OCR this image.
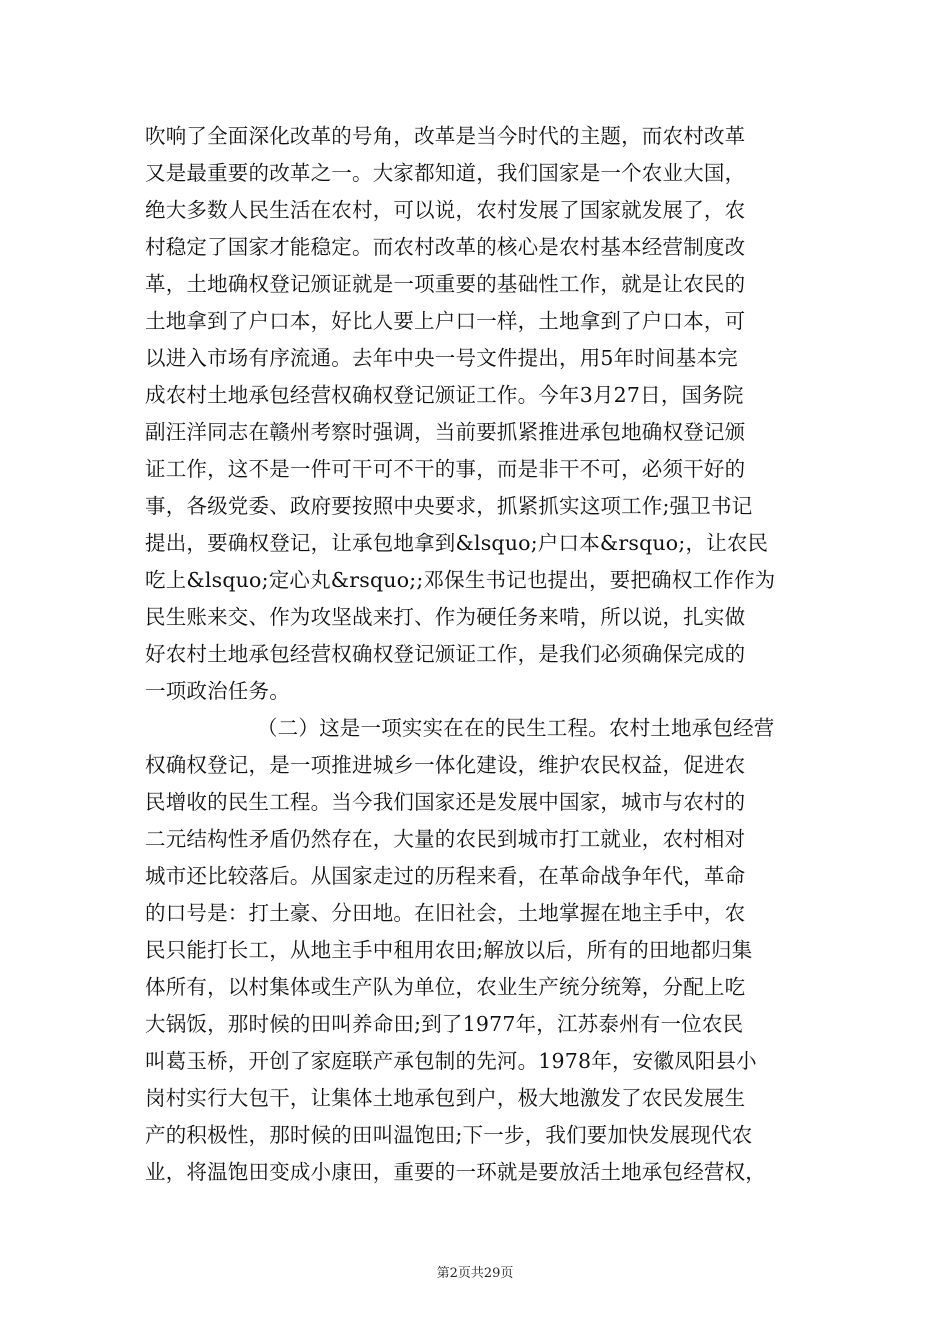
吹响了全面深化改革的号角，改革是当今时代的主题，而农村改革
又是最重要的改革之一。大家都知道，我们国家是一个农业大国，
绝大多数人民生活在农村，可以说，农村发展了国家就发展了，农
村稳定了国家才能稳定。而农村改革的核心是农村基本经营制度改
革，土地确权登记颁证就是一项重要的基础性工作，就是让农民的
土地拿到了户口本，好比人要上户口一样，土地拿到了户口本，可
以进入市场有序流通。去年中央一号文件提出，用5年时间基本完
成农村土地承包经营权确权登记颁证工作。今年3月27日，国务院
副汪洋同志在赣州考察时强调，当前要抓紧推进承包地确权登记颁
证工作，这不是一件可干可不干的事，而是非干不可，必须干好的
事，各级党委、政府要按照中央要求，抓紧抓实这项工作;强卫书记
提出，要确权登记，让承包地拿到&lsquo;户口本&rsquo;，让农民
吃上&lsquo;定心丸&rsquo;;邓保生书记也提出，要把确权工作作为
民生账来交、作为攻坚战来打、作为硬任务来啃，所以说，扎实做
好农村土地承包经营权确权登记颁证工作，是我们必须确保完成的
一项政治任务。
（二）这是一项实实在在的民生工程。农村土地承包经营
权确权登记，是一项推进城乡一体化建设，维护农民权益，促进农
民增收的民生工程。当今我们国家还是发展中国家，城市与农村的
二元结构性矛盾仍然存在，大量的农民到城市打工就业，农村相对
城市还比较落后。从国家走过的历程来看，在革命战争年代，革命
的口号是：打土豪、分田地。在旧社会，土地掌握在地主手中，农
民只能打长工，从地主手中租用农田;解放以后，所有的田地都归集
体所有，以村集体或生产队为单位，农业生产统分统筹，分配上吃
大锅饭，那时候的田叫养命田;到了1977年，江苏泰州有一位农民
叫葛玉桥，开创了家庭联产承包制的先河。1978年，安徽凤阳县小
岗村实行大包干，让集体土地承包到户，极大地激发了农民发展生
产的积极性，那时候的田叫温饱田;下一步，我们要加快发展现代农
业，将温饱田变成小康田，重要的一环就是要放活土地承包经营权，
第2页共29页
